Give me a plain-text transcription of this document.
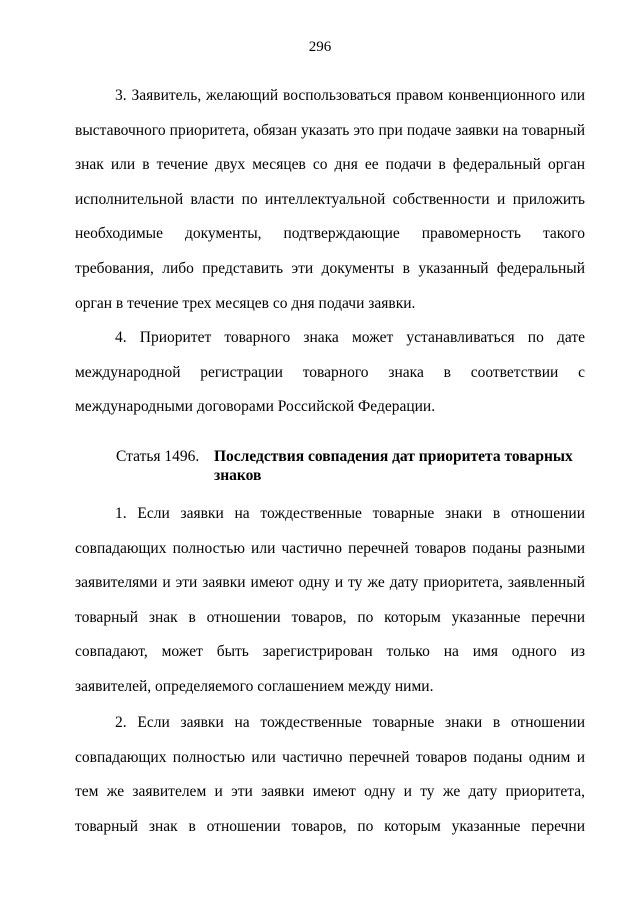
296

3. Заявитель, желающий воспользоваться правом конвенционного или выставочного приоритета, обязан указать это при подаче заявки на товарный знак или в течение двух месяцев со дня ее подачи в федеральный орган исполнительной власти по интеллектуальной собственности и приложить необходимые документы, подтверждающие правомерность такого требования, либо представить эти документы в указанный федеральный орган в течение трех месяцев со дня подачи заявки.

4. Приоритет товарного знака может устанавливаться по дате международной регистрации товарного знака в соответствии с международными договорами Российской Федерации.

Статья 1496. Последствия совпадения дат приоритета товарных знаков

1. Если заявки на тождественные товарные знаки в отношении совпадающих полностью или частично перечней товаров поданы разными заявителями и эти заявки имеют одну и ту же дату приоритета, заявленный товарный знак в отношении товаров, по которым указанные перечни совпадают, может быть зарегистрирован только на имя одного из заявителей, определяемого соглашением между ними.

2. Если заявки на тождественные товарные знаки в отношении совпадающих полностью или частично перечней товаров поданы одним и тем же заявителем и эти заявки имеют одну и ту же дату приоритета, товарный знак в отношении товаров, по которым указанные перечни
